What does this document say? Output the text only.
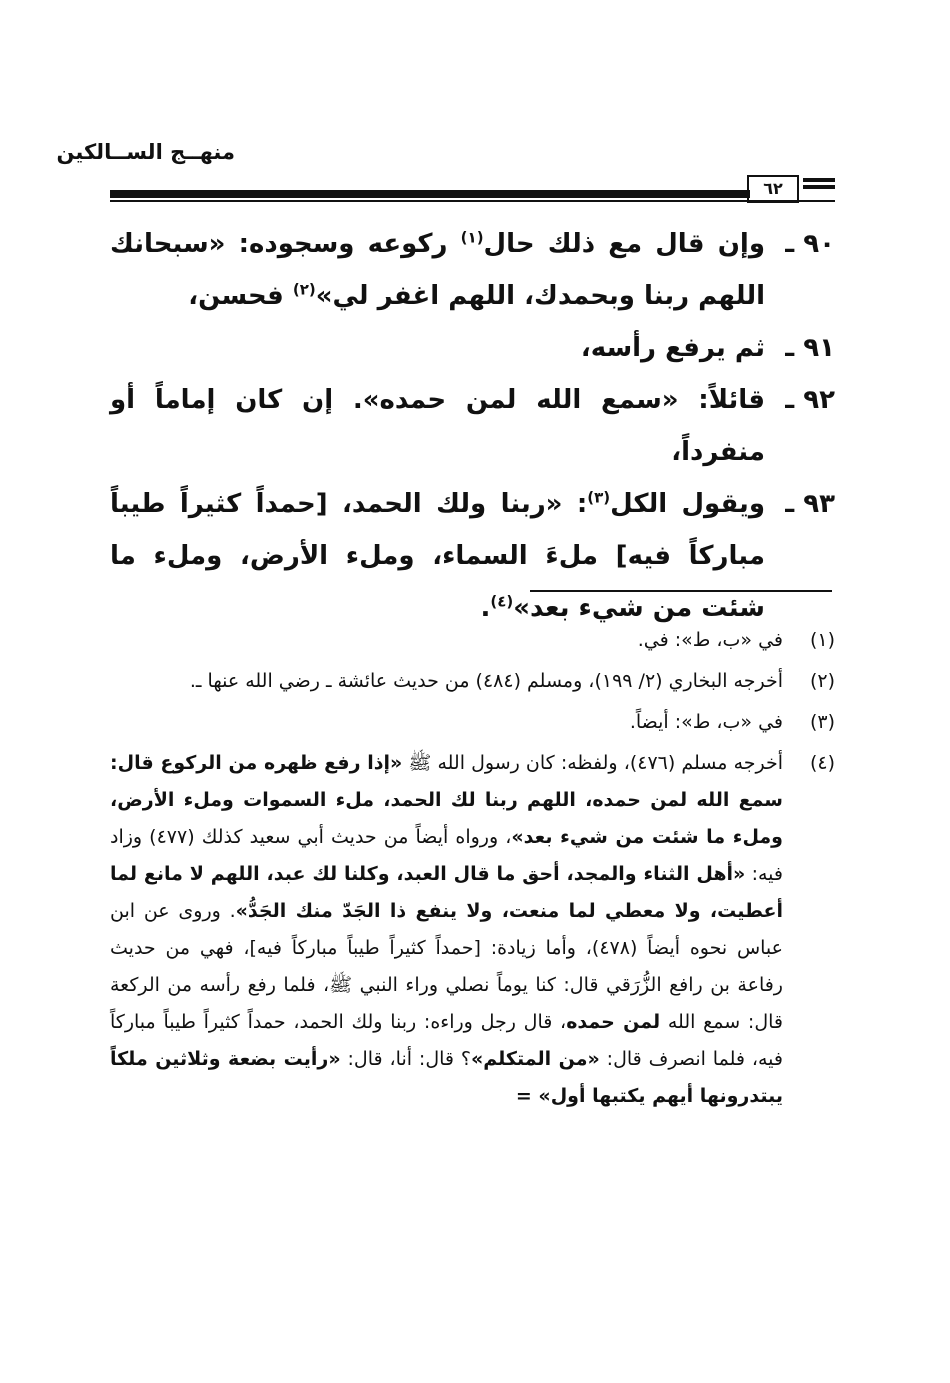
منهــج الســالكين
٦٢
٩٠ ـ
وإن قال مع ذلك حال$^{(١)}$ ركوعه وسجوده: «سبحانك اللهم ربنا وبحمدك، اللهم اغفر لي»$^{(٢)}$ فحسن،
٩١ ـ
ثم يرفع رأسه،
٩٢ ـ
قائلاً: «سمع الله لمن حمده». إن كان إماماً أو منفرداً،
٩٣ ـ
ويقول الكل$^{(٣)}$: «ربنا ولك الحمد، [حمداً كثيراً طيباً مباركاً فيه] ملءَ السماء، وملء الأرض، وملء ما شئت من شيء بعد»$^{(٤)}$.
(١)
في «ب، ط»: في.
(٢)
أخرجه البخاري (٢/ ١٩٩)، ومسلم (٤٨٤) من حديث عائشة ـ رضي الله عنها ـ.
(٣)
في «ب، ط»: أيضاً.
(٤)
أخرجه مسلم (٤٧٦)، ولفظه: كان رسول الله ﷺ «إذا رفع ظهره من الركوع قال: سمع الله لمن حمده، اللهم ربنا لك الحمد، ملء السموات وملء الأرض، وملء ما شئت من شيء بعد»، ورواه أيضاً من حديث أبي سعيد كذلك (٤٧٧) وزاد فيه: «أهل الثناء والمجد، أحق ما قال العبد، وكلنا لك عبد، اللهم لا مانع لما أعطيت، ولا معطي لما منعت، ولا ينفع ذا الجَدّ منك الجَدُّ». وروى عن ابن عباس نحوه أيضاً (٤٧٨)، وأما زيادة: [حمداً كثيراً طيباً مباركاً فيه]، فهي من حديث رفاعة بن رافع الزُّرَقي قال: كنا يوماً نصلي وراء النبي ﷺ، فلما رفع رأسه من الركعة قال: سمع الله لمن حمده، قال رجل وراءه: ربنا ولك الحمد، حمداً كثيراً طيباً مباركاً فيه، فلما انصرف قال: «من المتكلم»؟ قال: أنا، قال: «رأيت بضعة وثلاثين ملكاً يبتدرونها أيهم يكتبها أول» =
